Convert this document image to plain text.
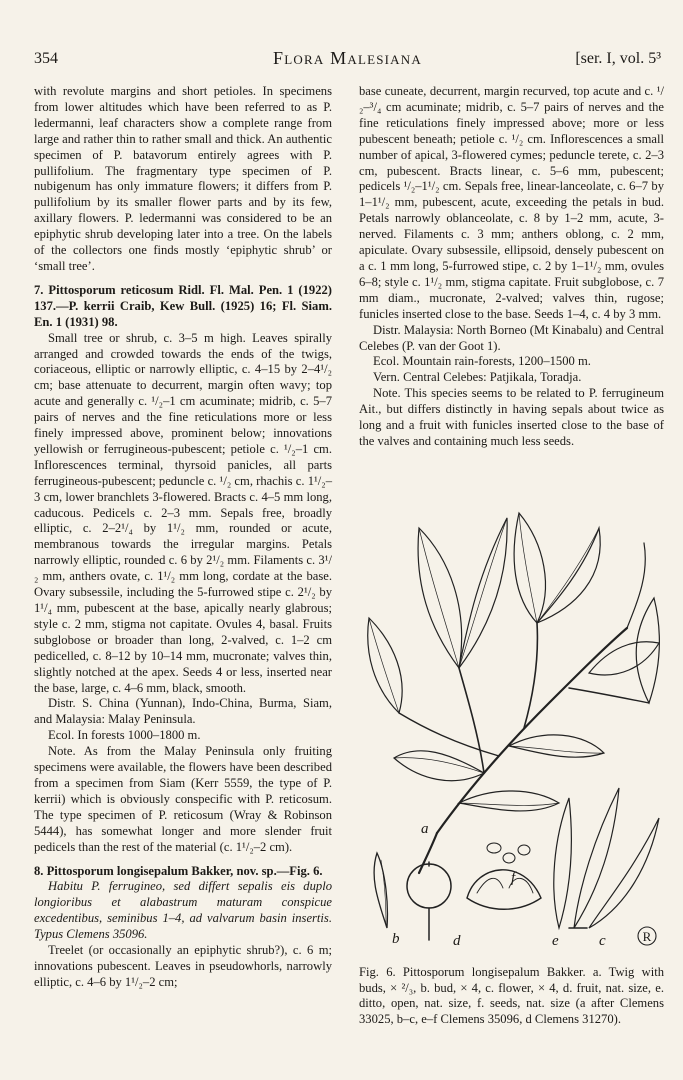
354	Flora Malesiana	[ser. I, vol. 5³

with revolute margins and short petioles. In specimens from lower altitudes which have been referred to as P. ledermanni, leaf characters show a complete range from large and rather thin to rather small and thick. An authentic specimen of P. batavorum entirely agrees with P. pullifolium. The fragmentary type specimen of P. nubigenum has only immature flowers; it differs from P. pullifolium by its smaller flower parts and by its few, axillary flowers. P. ledermanni was considered to be an epiphytic shrub developing later into a tree. On the labels of the collectors one finds mostly ‘epiphytic shrub’ or ‘small tree’.

7. Pittosporum reticosum Ridl. Fl. Mal. Pen. 1 (1922) 137.—P. kerrii Craib, Kew Bull. (1925) 16; Fl. Siam. En. 1 (1931) 98.

Small tree or shrub, c. 3–5 m high. Leaves spirally arranged and crowded towards the ends of the twigs, coriaceous, elliptic or narrowly elliptic, c. 4–15 by 2–4¹/₂ cm; base attenuate to decurrent, margin often wavy; top acute and generally c. ¹/₂–1 cm acuminate; midrib, c. 5–7 pairs of nerves and the fine reticulations more or less finely impressed above, prominent below; innovations yellowish or ferrugineous-pubescent; petiole c. ¹/₂–1 cm. Inflorescences terminal, thyrsoid panicles, all parts ferrugineous-pubescent; peduncle c. ¹/₂ cm, rhachis c. 1¹/₂–3 cm, lower branchlets 3-flowered. Bracts c. 4–5 mm long, caducous. Pedicels c. 2–3 mm. Sepals free, broadly elliptic, c. 2–2¹/₄ by 1¹/₂ mm, rounded or acute, membranous towards the irregular margins. Petals narrowly elliptic, rounded c. 6 by 2¹/₂ mm. Filaments c. 3¹/₂ mm, anthers ovate, c. 1¹/₂ mm long, cordate at the base. Ovary subsessile, including the 5-furrowed stipe c. 2¹/₂ by 1¹/₄ mm, pubescent at the base, apically nearly glabrous; style c. 2 mm, stigma not capitate. Ovules 4, basal. Fruits subglobose or broader than long, 2-valved, c. 1–2 cm pedicelled, c. 8–12 by 10–14 mm, mucronate; valves thin, slightly notched at the apex. Seeds 4 or less, inserted near the base, large, c. 4–6 mm, black, smooth.

Distr. S. China (Yunnan), Indo-China, Burma, Siam, and Malaysia: Malay Peninsula.

Ecol. In forests 1000–1800 m.

Note. As from the Malay Peninsula only fruiting specimens were available, the flowers have been described from a specimen from Siam (Kerr 5559, the type of P. kerrii) which is obviously conspecific with P. reticosum. The type specimen of P. reticosum (Wray & Robinson 5444), has somewhat longer and more slender fruit pedicels than the rest of the material (c. 1¹/₂–2 cm).

8. Pittosporum longisepalum Bakker, nov. sp.—Fig. 6.

Habitu P. ferrugineo, sed differt sepalis eis duplo longioribus et alabastrum maturam conspicue excedentibus, seminibus 1–4, ad valvarum basin insertis. Typus Clemens 35096.

Treelet (or occasionally an epiphytic shrub?), c. 6 m; innovations pubescent. Leaves in pseudowhorls, narrowly elliptic, c. 4–6 by 1¹/₂–2 cm;

base cuneate, decurrent, margin recurved, top acute and c. ¹/₂–³/₄ cm acuminate; midrib, c. 5–7 pairs of nerves and the fine reticulations finely impressed above; more or less pubescent beneath; petiole c. ¹/₂ cm. Inflorescences a small number of apical, 3-flowered cymes; peduncle terete, c. 2–3 cm, pubescent. Bracts linear, c. 5–6 mm, pubescent; pedicels ¹/₂–1¹/₂ cm. Sepals free, linear-lanceolate, c. 6–7 by 1–1¹/₂ mm, pubescent, acute, exceeding the petals in bud. Petals narrowly oblanceolate, c. 8 by 1–2 mm, acute, 3-nerved. Filaments c. 3 mm; anthers oblong, c. 2 mm, apiculate. Ovary subsessile, ellipsoid, densely pubescent on a c. 1 mm long, 5-furrowed stipe, c. 2 by 1–1¹/₂ mm, ovules 6–8; style c. 1¹/₂ mm, stigma capitate. Fruit subglobose, c. 7 mm diam., mucronate, 2-valved; valves thin, rugose; funicles inserted close to the base. Seeds 1–4, c. 4 by 3 mm.

Distr. Malaysia: North Borneo (Mt Kinabalu) and Central Celebes (P. van der Goot 1).

Ecol. Mountain rain-forests, 1200–1500 m.

Vern. Central Celebes: Patjikala, Toradja.

Note. This species seems to be related to P. ferrugineum Ait., but differs distinctly in having sepals about twice as long and a fruit with funicles inserted close to the base of the valves and containing much less seeds.

a
b	c
d	e
f
R

Fig. 6. Pittosporum longisepalum Bakker. a. Twig with buds, × ²/₃, b. bud, × 4, c. flower, × 4, d. fruit, nat. size, e. ditto, open, nat. size, f. seeds, nat. size (a after Clemens 33025, b–c, e–f Clemens 35096, d Clemens 31270).
